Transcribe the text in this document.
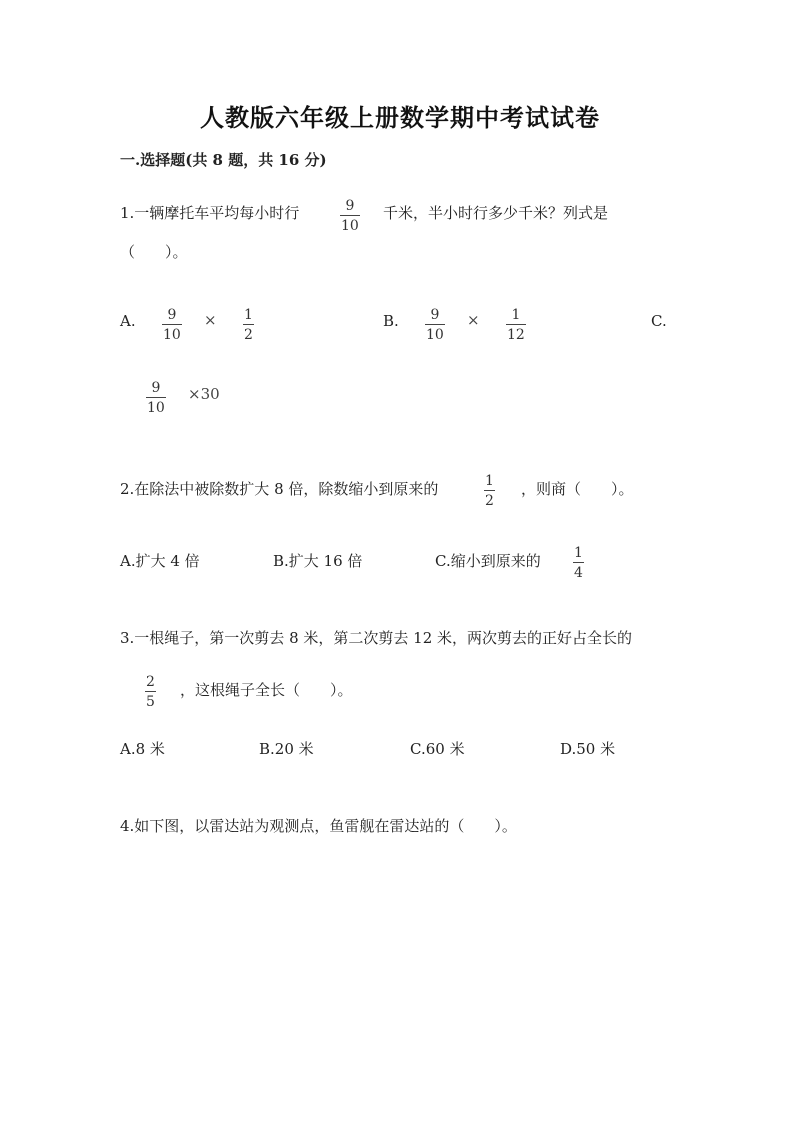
人教版六年级上册数学期中考试试卷
一.选择题(共 8 题，共 16 分)
1.一辆摩托车平均每小时行	9
10
千米，半小时行多少千米？列式是
（　　）。
A. 9
10
× 1
2
B. 9
10
× 1
12
C.
9
10
×30
2.在除法中被除数扩大 8 倍，除数缩小到原来的	1
2
，则商（　　）。
A.扩大 4 倍	B.扩大 16 倍	C.缩小到原来的 1
4
3.一根绳子，第一次剪去 8 米，第二次剪去 12 米，两次剪去的正好占全长的
2
5
，这根绳子全长（　　）。
A.8 米	B.20 米	C.60 米	D.50 米
4.如下图，以雷达站为观测点，鱼雷舰在雷达站的（　　）。
